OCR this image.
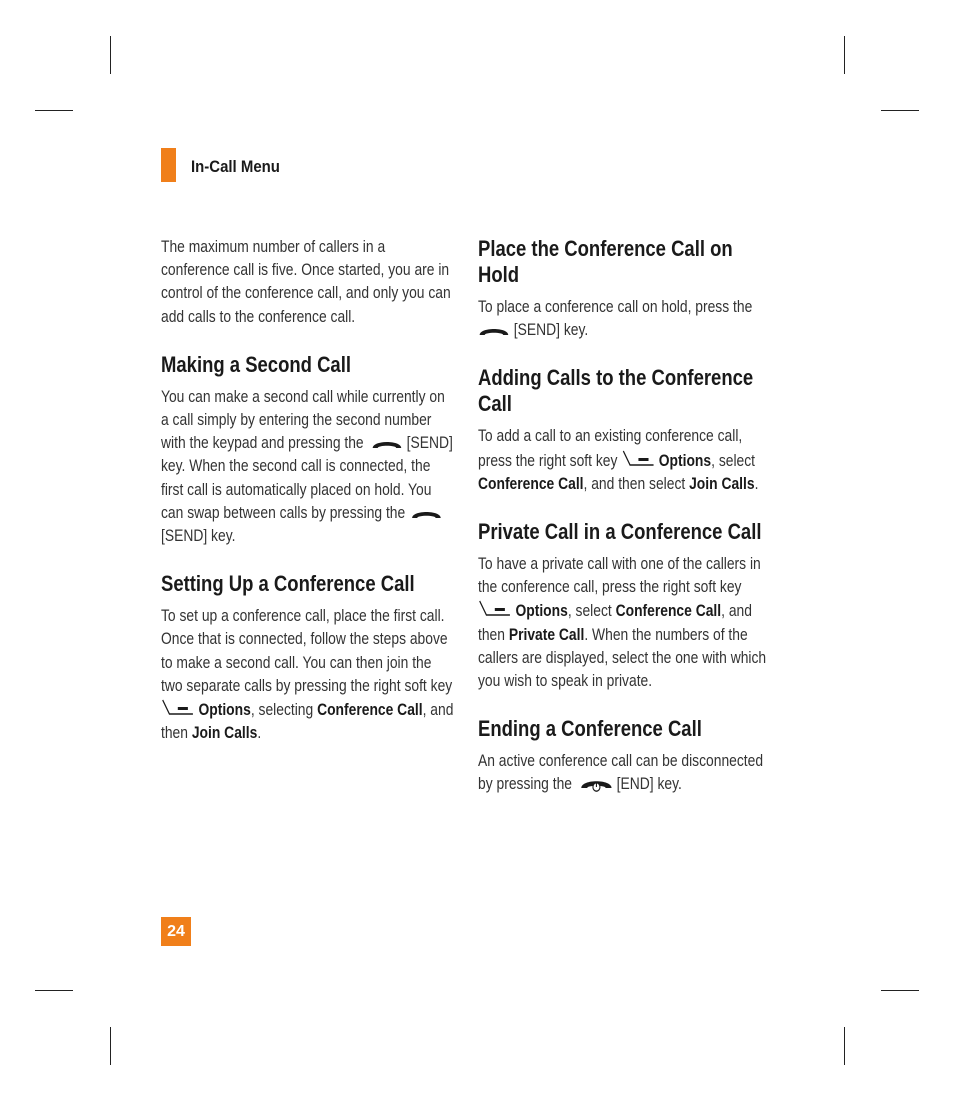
In-Call Menu

The maximum number of callers in a conference call is five. Once started, you are in control of the conference call, and only you can add calls to the conference call.

Making a Second Call

You can make a second call while currently on a call simply by entering the second number with the keypad and pressing the	[SEND] key. When the second call is connected, the first call is automatically placed on hold. You can swap between calls by pressing the
[SEND] key.

Setting Up a Conference Call

To set up a conference call, place the first call. Once that is connected, follow the steps above to make a second call. You can then join the two separate calls by pressing the right soft key
Options, selecting Conference Call, and then Join Calls.

Place the Conference Call on Hold

To place a conference call on hold, press the
[SEND] key.

Adding Calls to the Conference Call

To add a call to an existing conference call, press the right soft key	Options, select Conference Call, and then select Join Calls.

Private Call in a Conference Call

To have a private call with one of the callers in the conference call, press the right soft key
Options, select Conference Call, and then Private Call. When the numbers of the callers are displayed, select the one with which you wish to speak in private.

Ending a Conference Call

An active conference call can be disconnected by pressing the	[END] key.

24
